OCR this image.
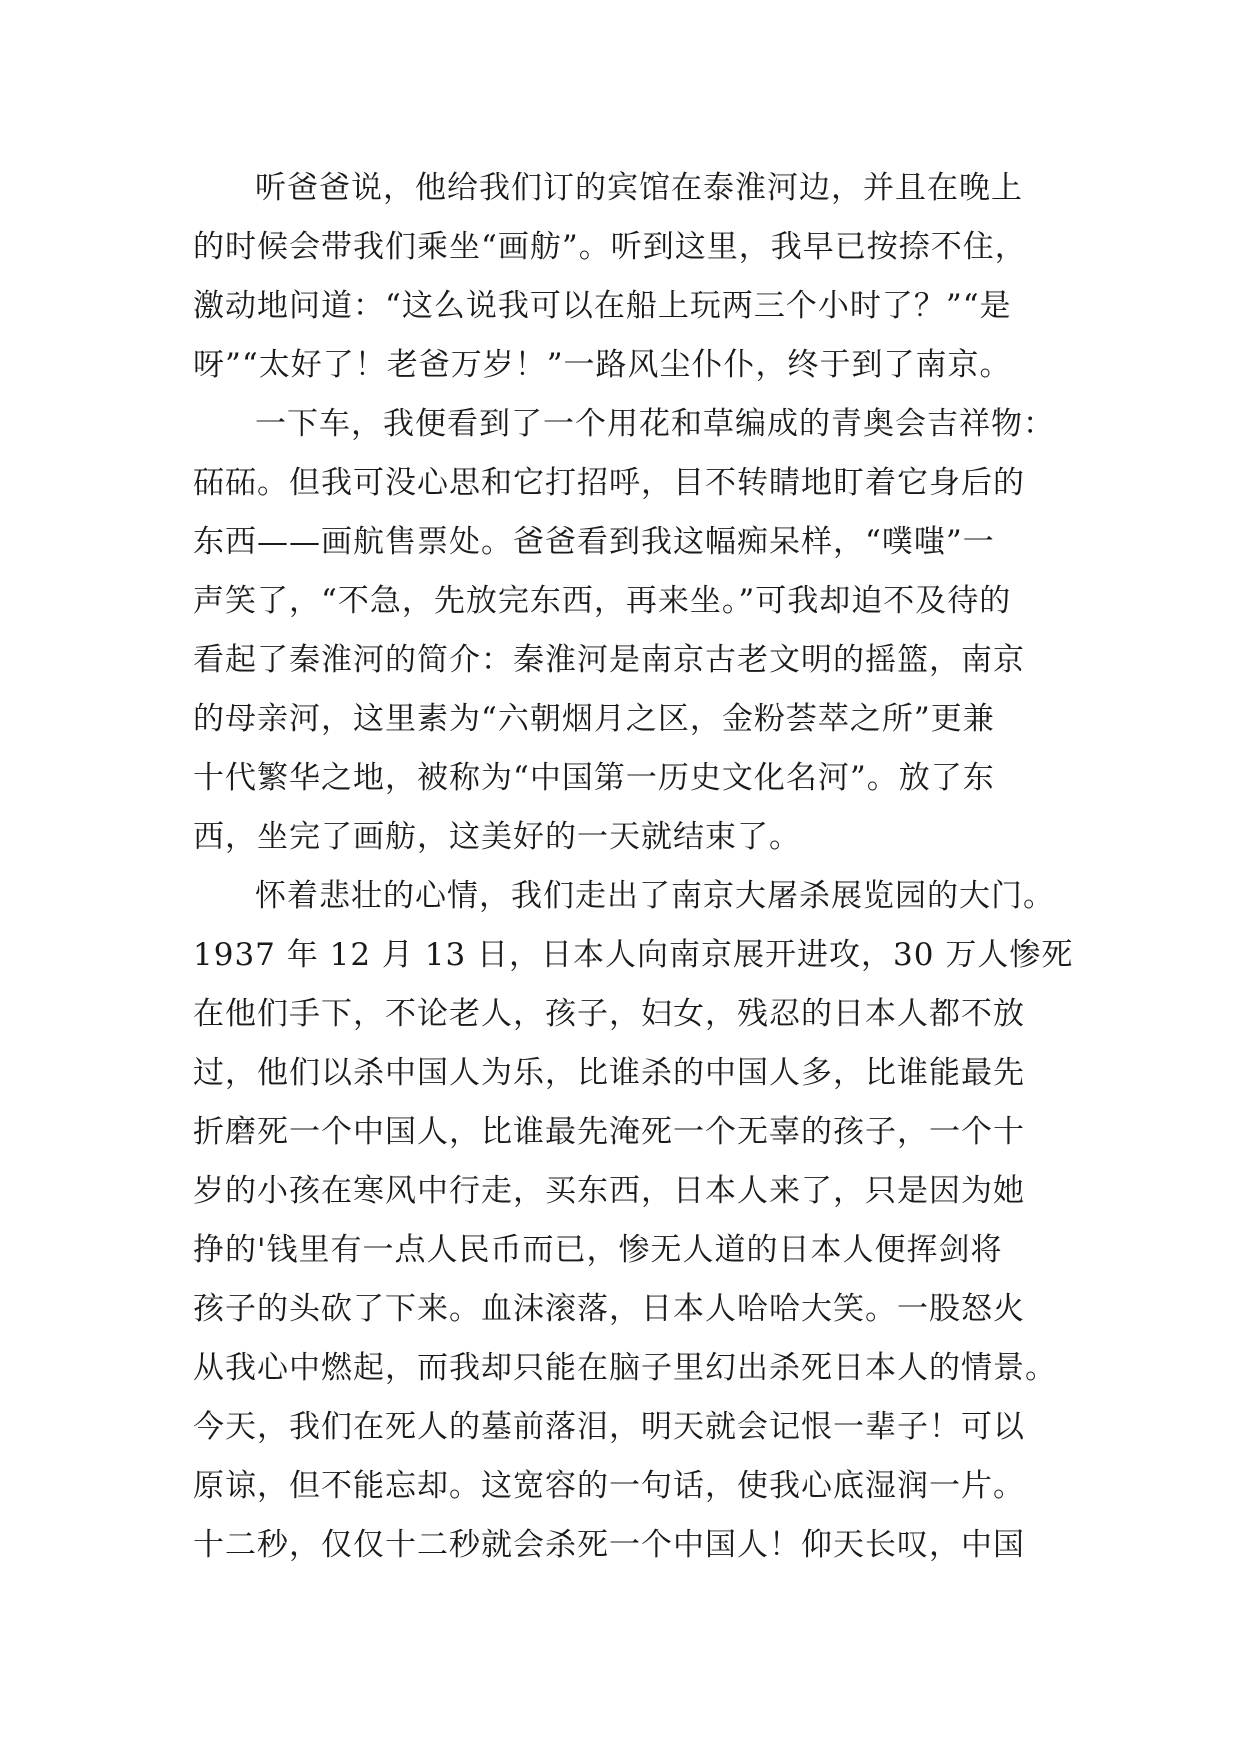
听爸爸说，他给我们订的宾馆在泰淮河边，并且在晚上
的时候会带我们乘坐“画舫”。听到这里，我早已按捺不住，
激动地问道：“这么说我可以在船上玩两三个小时了？”“是
呀”“太好了！老爸万岁！”一路风尘仆仆，终于到了南京。
一下车，我便看到了一个用花和草编成的青奥会吉祥物：
砳砳。但我可没心思和它打招呼，目不转睛地盯着它身后的
东西——画航售票处。爸爸看到我这幅痴呆样，“噗嗤”一
声笑了，“不急，先放完东西，再来坐。”可我却迫不及待的
看起了秦淮河的简介：秦淮河是南京古老文明的摇篮，南京
的母亲河，这里素为“六朝烟月之区，金粉荟萃之所”更兼
十代繁华之地，被称为“中国第一历史文化名河”。放了东
西，坐完了画舫，这美好的一天就结束了。
怀着悲壮的心情，我们走出了南京大屠杀展览园的大门。
1937 年 12 月 13 日，日本人向南京展开进攻，30 万人惨死
在他们手下，不论老人，孩子，妇女，残忍的日本人都不放
过，他们以杀中国人为乐，比谁杀的中国人多，比谁能最先
折磨死一个中国人，比谁最先淹死一个无辜的孩子，一个十
岁的小孩在寒风中行走，买东西，日本人来了，只是因为她
挣的'钱里有一点人民币而已，惨无人道的日本人便挥剑将
孩子的头砍了下来。血沫滚落，日本人哈哈大笑。一股怒火
从我心中燃起，而我却只能在脑子里幻出杀死日本人的情景。
今天，我们在死人的墓前落泪，明天就会记恨一辈子！可以
原谅，但不能忘却。这宽容的一句话，使我心底湿润一片。
十二秒，仅仅十二秒就会杀死一个中国人！仰天长叹，中国
